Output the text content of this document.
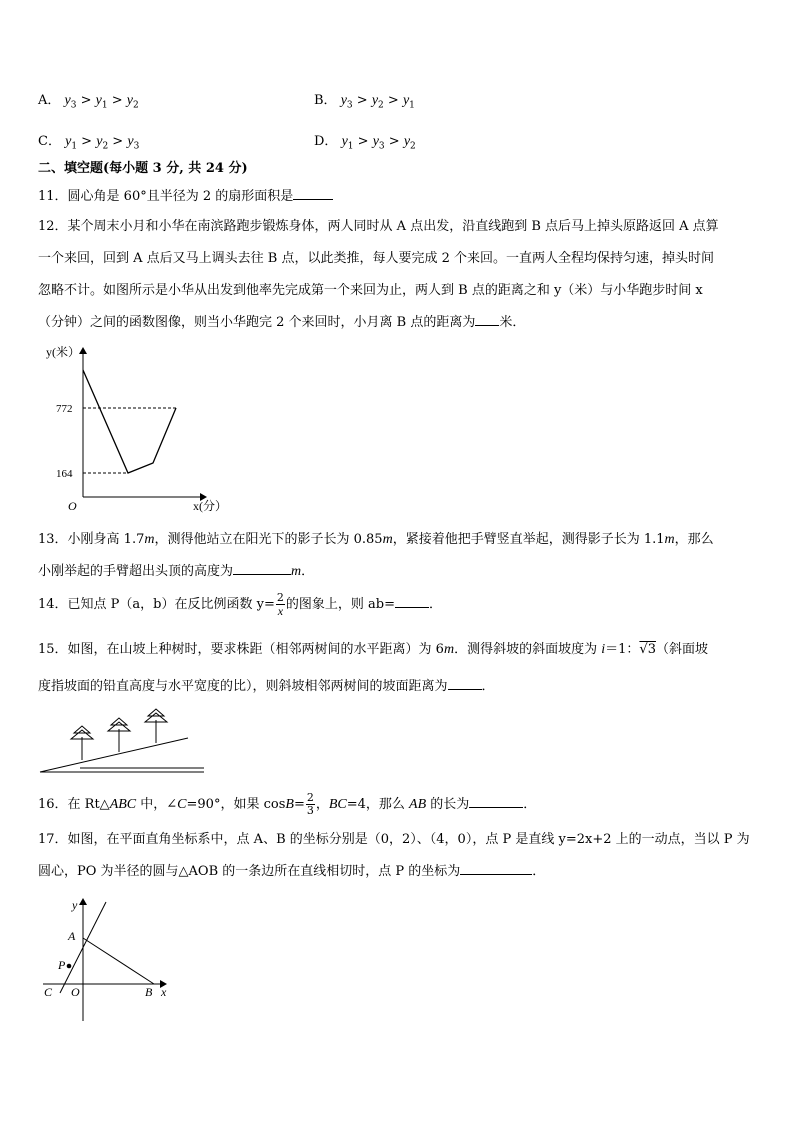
A． $y_3 > y_1 > y_2$	B． $y_3 > y_2 > y_1$
C． $y_1 > y_2 > y_3$	D． $y_1 > y_3 > y_2$
二、填空题(每小题 3 分, 共 24 分)
11．圆心角是 60°且半径为 2 的扇形面积是
12．某个周末小月和小华在南滨路跑步锻炼身体，两人同时从 A 点出发，沿直线跑到 B 点后马上掉头原路返回 A 点算
一个来回，回到 A 点后又马上调头去往 B 点，以此类推，每人要完成 2 个来回。一直两人全程均保持匀速，掉头时间
忽略不计。如图所示是小华从出发到他率先完成第一个来回为止，两人到 B 点的距离之和 y（米）与小华跑步时间 x
（分钟）之间的函数图像，则当小华跑完 2 个来回时，小月离 B 点的距离为 米．
y(米）
772
164
O	x(分）
13．小刚身高 1.7m，测得他站立在阳光下的影子长为 0.85m，紧接着他把手臂竖直举起，测得影子长为 1.1m，那么
小刚举起的手臂超出头顶的高度为	m．
14．已知点 P（a，b）在反比例函数 $y= \frac{2}{x}$ 的图象上，则 ab=	．
15．如图，在山坡上种树时，要求株距（相邻两树间的水平距离）为 6m．测得斜坡的斜面坡度为 i＝1：√3（斜面坡
度指坡面的铅直高度与水平宽度的比），则斜坡相邻两树间的坡面距离为	．
16．在 Rt△ABC 中，∠C=90°，如果 $\cos B= \frac{2}{3}$ ，BC=4，那么 AB 的长为	．
17．如图，在平面直角坐标系中，点 A、B 的坐标分别是（0，2）、（4，0），点 P 是直线 y=2x+2 上的一动点，当以 P 为
圆心，PO 为半径的圆与△AOB 的一条边所在直线相切时，点 P 的坐标为	．
y
A
P
C O	B x
